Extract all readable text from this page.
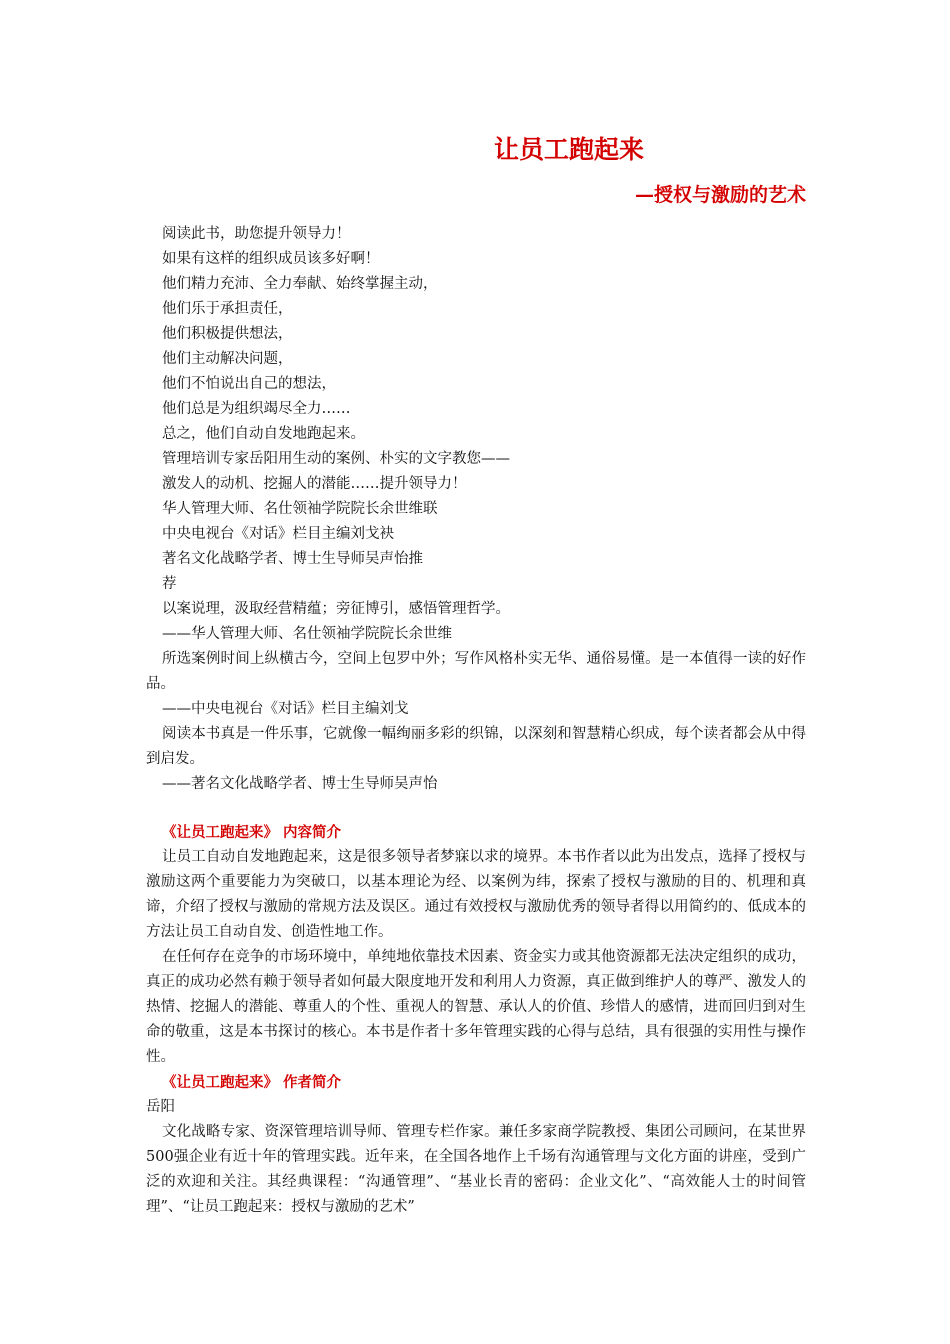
让员工跑起来
—授权与激励的艺术

阅读此书，助您提升领导力！

如果有这样的组织成员该多好啊！

他们精力充沛、全力奉献、始终掌握主动，

他们乐于承担责任，

他们积极提供想法，

他们主动解决问题，

他们不怕说出自己的想法，

他们总是为组织竭尽全力……

总之，他们自动自发地跑起来。

管理培训专家岳阳用生动的案例、朴实的文字教您——

激发人的动机、挖掘人的潜能……提升领导力！

华人管理大师、名仕领袖学院院长余世维联

中央电视台《对话》栏目主编刘戈袂

著名文化战略学者、博士生导师吴声怡推

荐

以案说理，汲取经营精蕴；旁征博引，感悟管理哲学。

——华人管理大师、名仕领袖学院院长余世维

所选案例时间上纵横古今，空间上包罗中外；写作风格朴实无华、通俗易懂。是一本值得一读的好作品。

——中央电视台《对话》栏目主编刘戈

阅读本书真是一件乐事，它就像一幅绚丽多彩的织锦，以深刻和智慧精心织成，每个读者都会从中得到启发。

——著名文化战略学者、博士生导师吴声怡

《让员工跑起来》 内容简介

让员工自动自发地跑起来，这是很多领导者梦寐以求的境界。本书作者以此为出发点，选择了授权与激励这两个重要能力为突破口，以基本理论为经、以案例为纬，探索了授权与激励的目的、机理和真谛，介绍了授权与激励的常规方法及误区。通过有效授权与激励优秀的领导者得以用简约的、低成本的方法让员工自动自发、创造性地工作。

在任何存在竞争的市场环境中，单纯地依靠技术因素、资金实力或其他资源都无法决定组织的成功，真正的成功必然有赖于领导者如何最大限度地开发和利用人力资源，真正做到维护人的尊严、激发人的热情、挖掘人的潜能、尊重人的个性、重视人的智慧、承认人的价值、珍惜人的感情，进而回归到对生命的敬重，这是本书探讨的核心。本书是作者十多年管理实践的心得与总结，具有很强的实用性与操作性。

《让员工跑起来》 作者简介

岳阳

文化战略专家、资深管理培训导师、管理专栏作家。兼任多家商学院教授、集团公司顾问，在某世界500强企业有近十年的管理实践。近年来，在全国各地作上千场有沟通管理与文化方面的讲座，受到广泛的欢迎和关注。其经典课程：“沟通管理”、“基业长青的密码：企业文化”、“高效能人士的时间管理”、“让员工跑起来：授权与激励的艺术”
